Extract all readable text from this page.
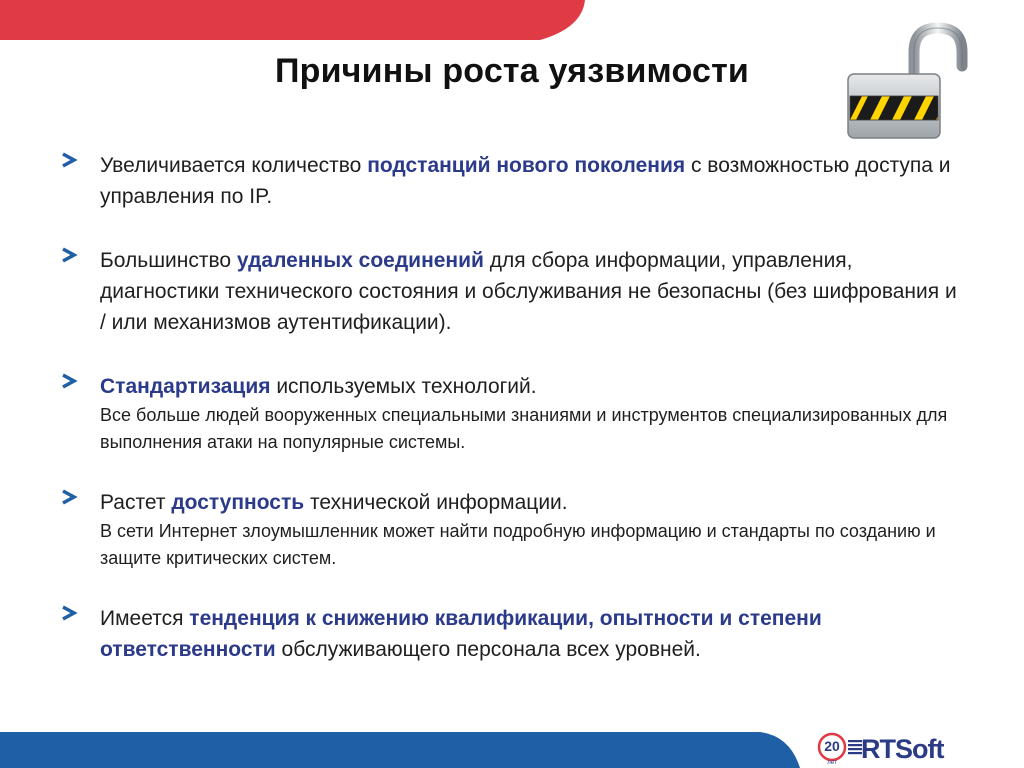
Причины роста уязвимости
Увеличивается количество подстанций нового поколения с возможностью доступа и управления по IP.
Большинство удаленных соединений для сбора информации, управления, диагностики технического состояния и обслуживания не безопасны (без шифрования и / или механизмов аутентификации).
Стандартизация используемых технологий.
Все больше людей вооруженных специальными знаниями и инструментов специализированных для выполнения атаки на популярные системы.
Растет доступность технической информации.
В сети Интернет злоумышленник может найти подробную информацию и стандарты по созданию и защите критических систем.
Имеется тенденция к снижению квалификации, опытности и степени ответственности обслуживающего персонала всех уровней.
20
лет RTSoft
